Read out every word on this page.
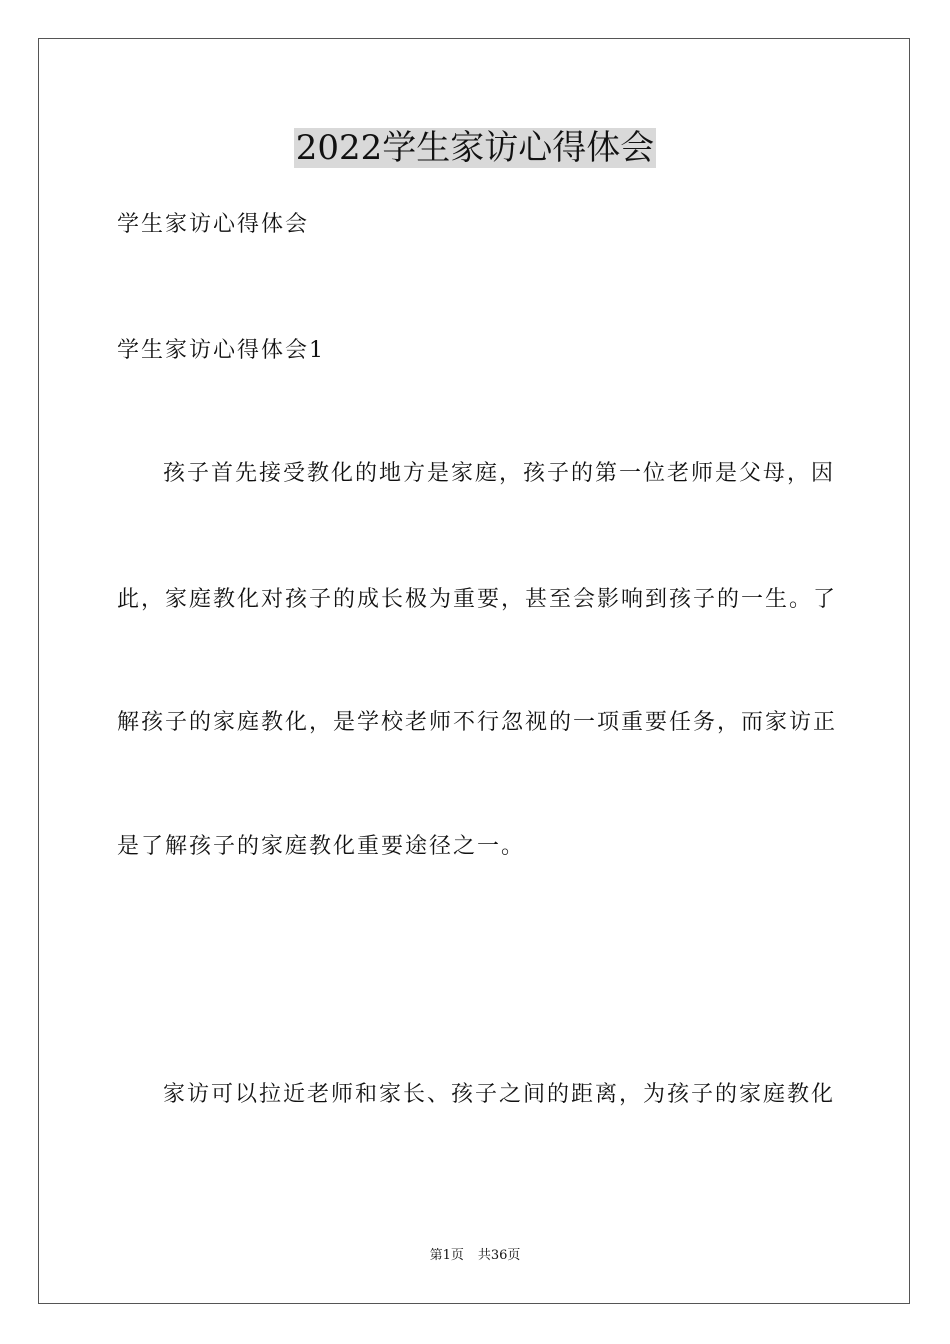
2022学生家访心得体会

学生家访心得体会

学生家访心得体会1

孩子首先接受教化的地方是家庭，孩子的第一位老师是父母，因

此，家庭教化对孩子的成长极为重要，甚至会影响到孩子的一生。了

解孩子的家庭教化，是学校老师不行忽视的一项重要任务，而家访正

是了解孩子的家庭教化重要途径之一。

家访可以拉近老师和家长、孩子之间的距离，为孩子的家庭教化

第1页 共36页
